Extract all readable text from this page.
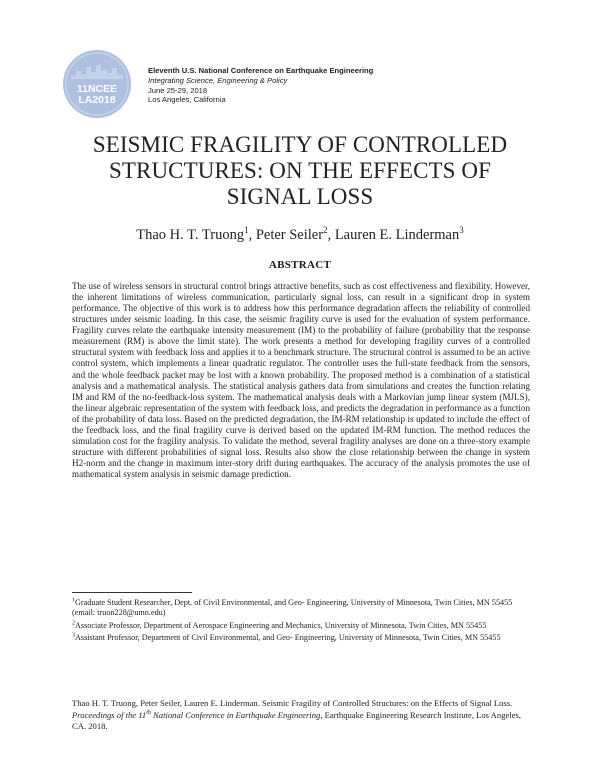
11NCEE
LA2018
Eleventh U.S. National Conference on Earthquake Engineering
Integrating Science, Engineering & Policy
June 25-29, 2018
Los Angeles, California
SEISMIC FRAGILITY OF CONTROLLED
STRUCTURES: ON THE EFFECTS OF
SIGNAL LOSS
Thao H. T. Truong$^1$, Peter Seiler$^2$, Lauren E. Linderman$^3$
ABSTRACT
The use of wireless sensors in structural control brings attractive benefits, such as cost effectiveness and flexibility. However, the inherent limitations of wireless communication, particularly signal loss, can result in a significant drop in system performance. The objective of this work is to address how this performance degradation affects the reliability of controlled structures under seismic loading. In this case, the seismic fragility curve is used for the evaluation of system performance. Fragility curves relate the earthquake intensity measurement (IM) to the probability of failure (probability that the response measurement (RM) is above the limit state). The work presents a method for developing fragility curves of a controlled structural system with feedback loss and applies it to a benchmark structure. The structural control is assumed to be an active control system, which implements a linear quadratic regulator. The controller uses the full-state feedback from the sensors, and the whole feedback packet may be lost with a known probability. The proposed method is a combination of a statistical analysis and a mathematical analysis. The statistical analysis gathers data from simulations and creates the function relating IM and RM of the no-feedback-loss system. The mathematical analysis deals with a Markovian jump linear system (MJLS), the linear algebraic representation of the system with feedback loss, and predicts the degradation in performance as a function of the probability of data loss. Based on the predicted degradation, the IM-RM relationship is updated to include the effect of the feedback loss, and the final fragility curve is derived based on the updated IM-RM function. The method reduces the simulation cost for the fragility analysis. To validate the method, several fragility analyses are done on a three-story example structure with different probabilities of signal loss. Results also show the close relationship between the change in system H2-norm and the change in maximum inter-story drift during earthquakes. The accuracy of the analysis promotes the use of mathematical system analysis in seismic damage prediction.
$^1$Graduate Student Researcher, Dept. of Civil Environmental, and Geo- Engineering, University of Minnesota, Twin Cities, MN 55455 (email: truon228@umn.edu)
$^2$Associate Professor, Department of Aerospace Engineering and Mechanics, University of Minnesota, Twin Cities, MN 55455
$^3$Assistant Professor, Department of Civil Environmental, and Geo- Engineering, University of Minnesota, Twin Cities, MN 55455
Thao H. T. Truong, Peter Seiler, Lauren E. Linderman. Seismic Fragility of Controlled Structures: on the Effects of Signal Loss. Proceedings of the 11th National Conference in Earthquake Engineering, Earthquake Engineering Research Institute, Los Angeles, CA. 2018.
